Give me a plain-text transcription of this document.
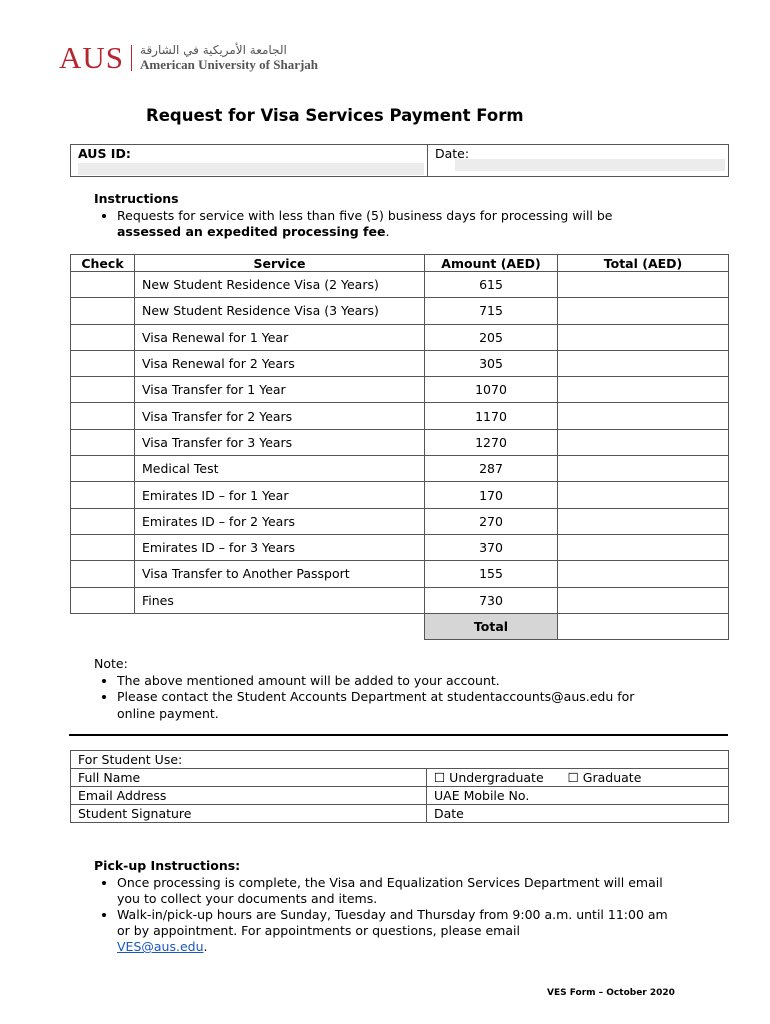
AUS الجامعة الأمريكية في الشارقة
American University of Sharjah
Request for Visa Services Payment Form
AUS ID:	Date:
Instructions
• Requests for service with less than five (5) business days for processing will be
assessed an expedited processing fee.
Check	Service	Amount (AED)	Total (AED)
	New Student Residence Visa (2 Years)	615	
	New Student Residence Visa (3 Years)	715	
	Visa Renewal for 1 Year	205	
	Visa Renewal for 2 Years	305	
	Visa Transfer for 1 Year	1070	
	Visa Transfer for 2 Years	1170	
	Visa Transfer for 3 Years	1270	
	Medical Test	287	
	Emirates ID – for 1 Year	170	
	Emirates ID – for 2 Years	270	
	Emirates ID – for 3 Years	370	
	Visa Transfer to Another Passport	155	
	Fines	730	
		Total	
Note:
• The above mentioned amount will be added to your account.
• Please contact the Student Accounts Department at studentaccounts@aus.edu for online payment.
For Student Use:	
Full Name	☐ Undergraduate ☐ Graduate
Email Address	UAE Mobile No.
Student Signature	Date
Pick-up Instructions:
• Once processing is complete, the Visa and Equalization Services Department will email you to collect your documents and items.
• Walk-in/pick-up hours are Sunday, Tuesday and Thursday from 9:00 a.m. until 11:00 am or by appointment. For appointments or questions, please email
VES@aus.edu.
VES Form – October 2020
